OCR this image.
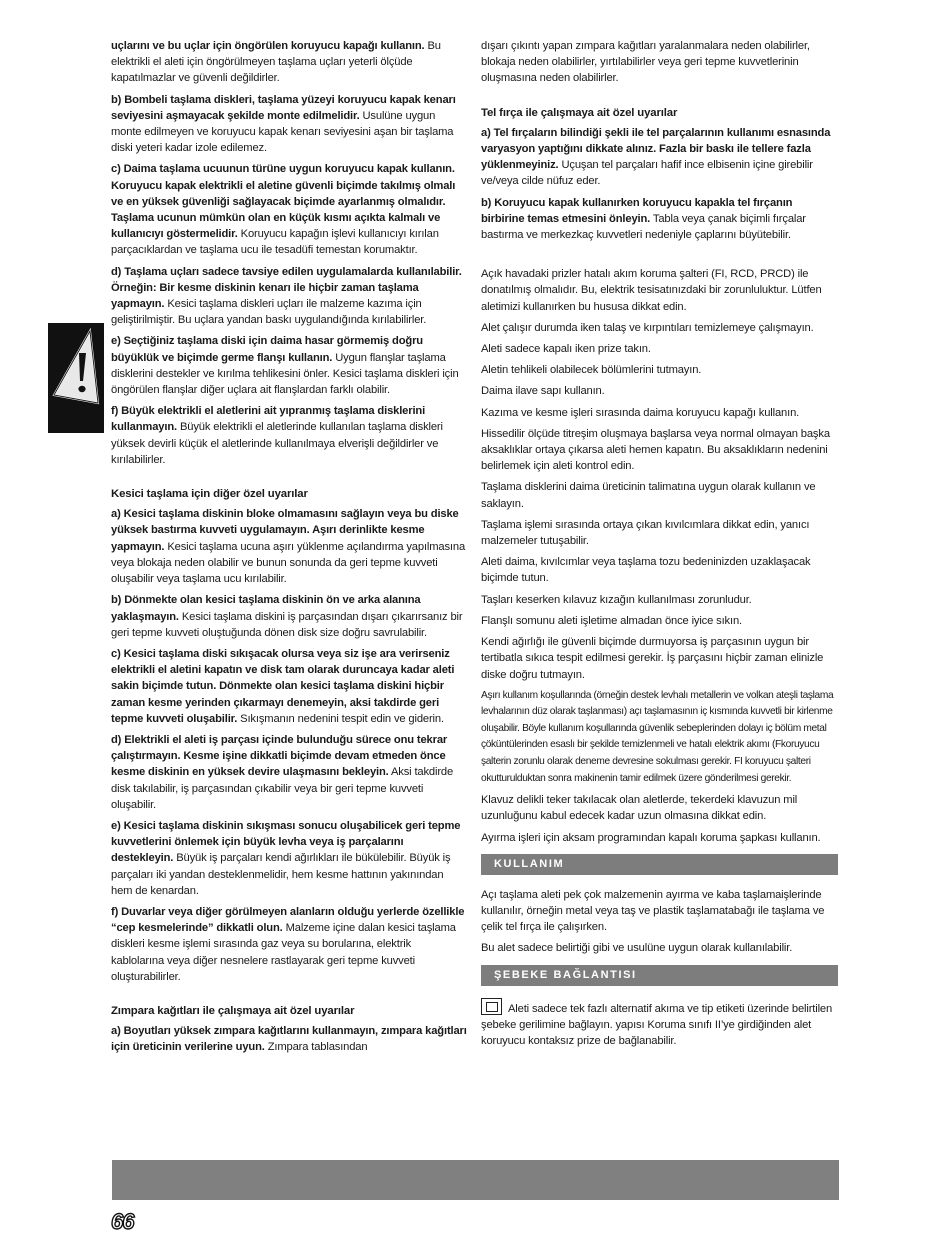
uçlarını ve bu uçlar için öngörülen koruyucu kapağı kullanın. Bu elektrikli el aleti için öngörülmeyen taşlama uçları yeterli ölçüde kapatılmazlar ve güvenli değildirler.

b) Bombeli taşlama diskleri, taşlama yüzeyi koruyucu kapak kenarı seviyesini aşmayacak şekilde monte edilmelidir. Usulüne uygun monte edilmeyen ve koruyucu kapak kenarı seviyesini aşan bir taşlama diski yeteri kadar izole edilemez.

c) Daima taşlama ucuunun türüne uygun koruyucu kapak kullanın. Koruyucu kapak elektrikli el aletine güvenli biçimde takılmış olmalı ve en yüksek güvenliği sağlayacak biçimde ayarlanmış olmalıdır. Taşlama ucunun mümkün olan en küçük kısmı açıkta kalmalı ve kullanıcıyı göstermelidir. Koruyucu kapağın işlevi kullanıcıyı kırılan parçacıklardan ve taşlama ucu ile tesadüfi temestan korumaktır.

d) Taşlama uçları sadece tavsiye edilen uygulamalarda kullanılabilir. Örneğin: Bir kesme diskinin kenarı ile hiçbir zaman taşlama yapmayın. Kesici taşlama diskleri uçları ile malzeme kazıma için geliştirilmiştir. Bu uçlara yandan baskı uygulandığında kırılabilirler.

e) Seçtiğiniz taşlama diski için daima hasar görmemiş doğru büyüklük ve biçimde germe flanşı kullanın. Uygun flanşlar taşlama disklerini destekler ve kırılma tehlikesini önler. Kesici taşlama diskleri için öngörülen flanşlar diğer uçlara ait flanşlardan farklı olabilir.

f) Büyük elektrikli el aletlerini ait yıpranmış taşlama disklerini kullanmayın. Büyük elektrikli el aletlerinde kullanılan taşlama diskleri yüksek devirli küçük el aletlerinde kullanılmaya elverişli değildirler ve kırılabilirler.

Kesici taşlama için diğer özel uyarılar

a) Kesici taşlama diskinin bloke olmamasını sağlayın veya bu diske yüksek bastırma kuvveti uygulamayın. Aşırı derinlikte kesme yapmayın. Kesici taşlama ucuna aşırı yüklenme açılandırma yapılmasına veya blokaja neden olabilir ve bunun sonunda da geri tepme kuvveti oluşabilir veya taşlama ucu kırılabilir.

b) Dönmekte olan kesici taşlama diskinin ön ve arka alanına yaklaşmayın. Kesici taşlama diskini iş parçasından dışarı çıkarırsanız bir geri tepme kuvveti oluştuğunda dönen disk size doğru savrulabilir.

c) Kesici taşlama diski sıkışacak olursa veya siz işe ara verirseniz elektrikli el aletini kapatın ve disk tam olarak duruncaya kadar aleti sakin biçimde tutun. Dönmekte olan kesici taşlama diskini hiçbir zaman kesme yerinden çıkarmayı denemeyin, aksi takdirde geri tepme kuvveti oluşabilir. Sıkışmanın nedenini tespit edin ve giderin.

d) Elektrikli el aleti iş parçası içinde bulunduğu sürece onu tekrar çalıştırmayın. Kesme işine dikkatli biçimde devam etmeden önce kesme diskinin en yüksek devire ulaşmasını bekleyin. Aksi takdirde disk takılabilir, iş parçasından çıkabilir veya bir geri tepme kuvveti oluşabilir.

e) Kesici taşlama diskinin sıkışması sonucu oluşabilicek geri tepme kuvvetlerini önlemek için büyük levha veya iş parçalarını destekleyin. Büyük iş parçaları kendi ağırlıkları ile bükülebilir. Büyük iş parçaları iki yandan desteklenmelidir, hem kesme hattının yakınından hem de kenardan.

f) Duvarlar veya diğer görülmeyen alanların olduğu yerlerde özellikle “cep kesmelerinde” dikkatli olun. Malzeme içine dalan kesici taşlama diskleri kesme işlemi sırasında gaz veya su borularına, elektrik kablolarına veya diğer nesnelere rastlayarak geri tepme kuvveti oluşturabilirler.

Zımpara kağıtları ile çalışmaya ait özel uyarılar

a) Boyutları yüksek zımpara kağıtlarını kullanmayın, zımpara kağıtları için üreticinin verilerine uyun. Zımpara tablasından

dışarı çıkıntı yapan zımpara kağıtları yaralanmalara neden olabilirler, blokaja neden olabilirler, yırtılabilirler veya geri tepme kuvvetlerinin oluşmasına neden olabilirler.

Tel fırça ile çalışmaya ait özel uyarılar

a) Tel fırçaların bilindiği şekli ile tel parçalarının kullanımı esnasında varyasyon yaptığını dikkate alınız. Fazla bir baskı ile tellere fazla yüklenmeyiniz. Uçuşan tel parçaları hafif ince elbisenin içine girebilir ve/veya cilde nüfuz eder.

b) Koruyucu kapak kullanırken koruyucu kapakla tel fırçanın birbirine temas etmesini önleyin. Tabla veya çanak biçimli fırçalar bastırma ve merkezkaç kuvvetleri nedeniyle çaplarını büyütebilir.

Açık havadaki prizler hatalı akım koruma şalteri (FI, RCD, PRCD) ile donatılmış olmalıdır. Bu, elektrik tesisatınızdaki bir zorunluluktur. Lütfen aletimizi kullanırken bu hususa dikkat edin.

Alet çalışır durumda iken talaş ve kırpıntıları temizlemeye çalışmayın.

Aleti sadece kapalı iken prize takın.

Aletin tehlikeli olabilecek bölümlerini tutmayın.

Daima ilave sapı kullanın.

Kazıma ve kesme işleri sırasında daima koruyucu kapağı kullanın.

Hissedilir ölçüde titreşim oluşmaya başlarsa veya normal olmayan başka aksaklıklar ortaya çıkarsa aleti hemen kapatın. Bu aksaklıkların nedenini belirlemek için aleti kontrol edin.

Taşlama disklerini daima üreticinin talimatına uygun olarak kullanın ve saklayın.

Taşlama işlemi sırasında ortaya çıkan kıvılcımlara dikkat edin, yanıcı malzemeler tutuşabilir.

Aleti daima, kıvılcımlar veya taşlama tozu bedeninizden uzaklaşacak biçimde tutun.

Taşları keserken kılavuz kızağın kullanılması zorunludur.

Flanşlı somunu aleti işletime almadan önce iyice sıkın.

Kendi ağırlığı ile güvenli biçimde durmuyorsa iş parçasının uygun bir tertibatla sıkıca tespit edilmesi gerekir. İş parçasını hiçbir zaman elinizle diske doğru tutmayın.

Aşırı kullanım koşullarında (örneğin destek levhalı metallerin ve volkan ateşli taşlama levhalarının düz olarak taşlanması) açı taşlamasının iç kısmında kuvvetli bir kirlenme oluşabilir. Böyle kullanım koşullarında güvenlik sebeplerinden dolayı iç bölüm metal çöküntülerinden esaslı bir şekilde temizlenmeli ve hatalı elektrik akımı (Fkoruyucu şalterin zorunlu olarak deneme devresine sokulması gerekir. FI koruyucu şalteri okutturulduktan sonra makinenin tamir edilmek üzere gönderilmesi gerekir.

Klavuz delikli teker takılacak olan aletlerde, tekerdeki klavuzun mil uzunluğunu kabul edecek kadar uzun olmasına dikkat edin.

Ayırma işleri için aksam programından kapalı koruma şapkası kullanın.

KULLANIM

Açı taşlama aleti pek çok malzemenin ayırma ve kaba taşlamaişlerinde kullanılır, örneğin metal veya taş ve plastik taşlamatabağı ile taşlama ve çelik tel fırça ile çalışırken.

Bu alet sadece belirtiği gibi ve usulüne uygun olarak kullanılabilir.

ŞEBEKE BAĞLANTISI

Aleti sadece tek fazlı alternatif akıma ve tip etiketi üzerinde belirtilen şebeke gerilimine bağlayın. yapısı Koruma sınıfı II’ye girdiğinden alet koruyucu kontaksız prize de bağlanabilir.

66
